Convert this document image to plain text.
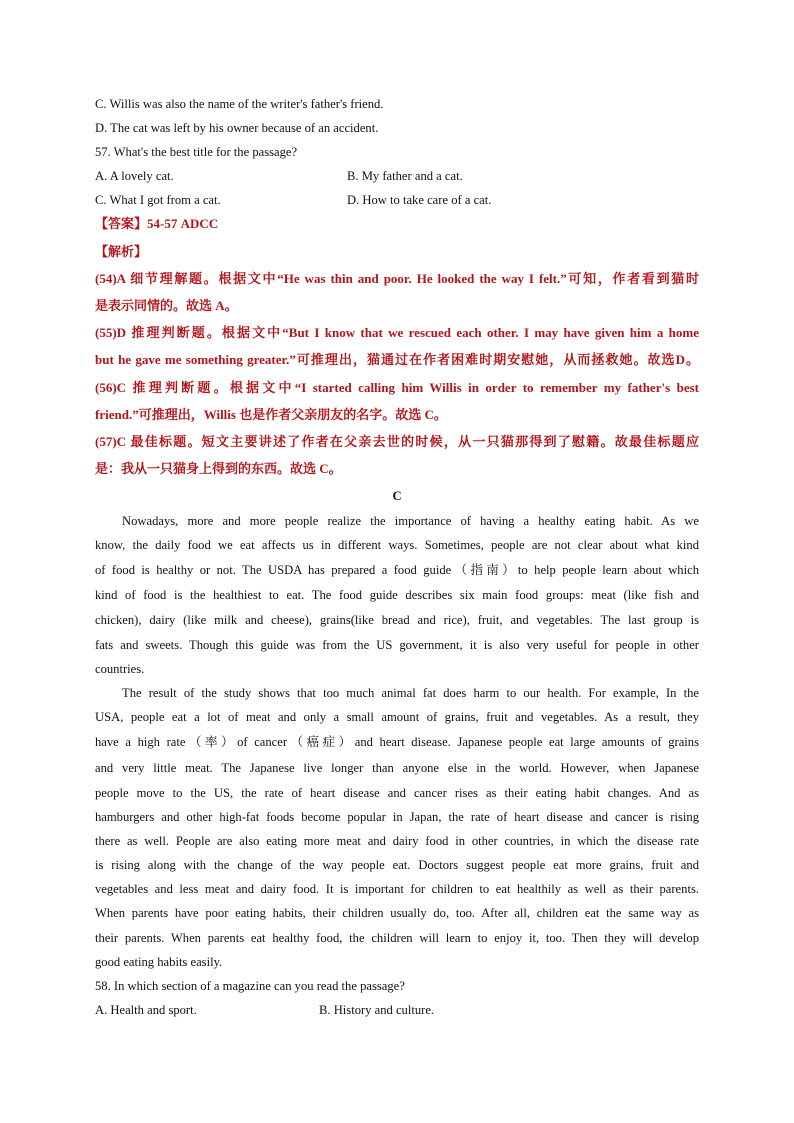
C. Willis was also the name of the writer's father's friend.
D. The cat was left by his owner because of an accident.
57. What's the best title for the passage?
A. A lovely cat.	B. My father and a cat.
C. What I got from a cat.	D. How to take care of a cat.
【答案】54-57 ADCC
【解析】
(54)A 细节理解题。根据文中“He was thin and poor. He looked the way I felt.”可知，作者看到猫时
是表示同情的。故选 A。
(55)D 推理判断题。根据文中“But I know that we rescued each other. I may have given him a home
but he gave me something greater.”可推理出，猫通过在作者困难时期安慰她，从而拯救她。故选D。
(56)C 推理判断题。根据文中“I started calling him Willis in order to remember my father's best
friend.”可推理出，Willis 也是作者父亲朋友的名字。故选 C。
(57)C 最佳标题。短文主要讲述了作者在父亲去世的时候，从一只猫那得到了慰籍。故最佳标题应
是：我从一只猫身上得到的东西。故选 C。
C
Nowadays, more and more people realize the importance of having a healthy eating habit. As we
know, the daily food we eat affects us in different ways. Sometimes, people are not clear about what kind
of food is healthy or not. The USDA has prepared a food guide（指南）to help people learn about which
kind of food is the healthiest to eat. The food guide describes six main food groups: meat (like fish and
chicken), dairy (like milk and cheese), grains(like bread and rice), fruit, and vegetables. The last group is
fats and sweets. Though this guide was from the US government, it is also very useful for people in other
countries.
The result of the study shows that too much animal fat does harm to our health. For example, In the
USA, people eat a lot of meat and only a small amount of grains, fruit and vegetables. As a result, they
have a high rate（率）of cancer（癌症）and heart disease. Japanese people eat large amounts of grains
and very little meat. The Japanese live longer than anyone else in the world. However, when Japanese
people move to the US, the rate of heart disease and cancer rises as their eating habit changes. And as
hamburgers and other high-fat foods become popular in Japan, the rate of heart disease and cancer is rising
there as well. People are also eating more meat and dairy food in other countries, in which the disease rate
is rising along with the change of the way people eat. Doctors suggest people eat more grains, fruit and
vegetables and less meat and dairy food. It is important for children to eat healthily as well as their parents.
When parents have poor eating habits, their children usually do, too. After all, children eat the same way as
their parents. When parents eat healthy food, the children will learn to enjoy it, too. Then they will develop
good eating habits easily.
58. In which section of a magazine can you read the passage?
A. Health and sport.	B. History and culture.
